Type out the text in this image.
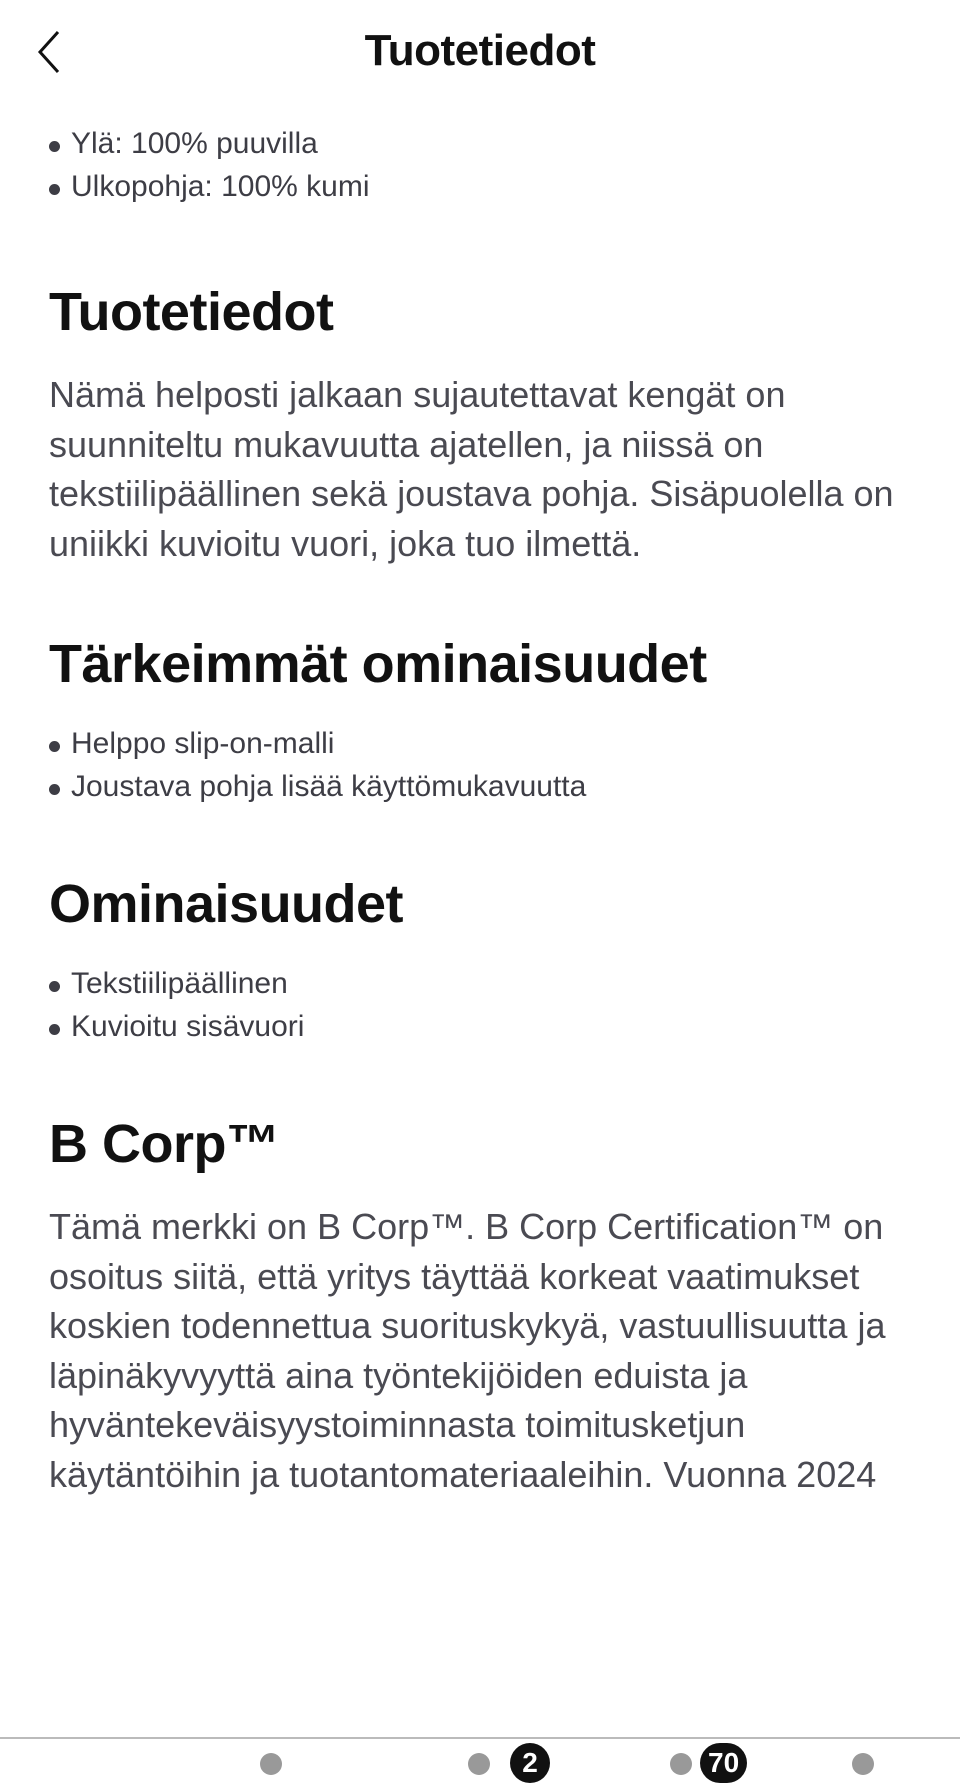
Tuotetiedot
Ylä: 100% puuvilla
Ulkopohja: 100% kumi
Tuotetiedot

Nämä helposti jalkaan sujautettavat kengät on suunniteltu mukavuutta ajatellen, ja niissä on tekstiilipäällinen sekä joustava pohja. Sisäpuolella on uniikki kuvioitu vuori, joka tuo ilmettä.

Tärkeimmät ominaisuudet
Helppo slip-on-malli
Joustava pohja lisää käyttömukavuutta
Ominaisuudet
Tekstiilipäällinen
Kuvioitu sisävuori
B Corp™

Tämä merkki on B Corp™. B Corp Certification™ on osoitus siitä, että yritys täyttää korkeat vaatimukset koskien todennettua suorituskykyä, vastuullisuutta ja läpinäkyvyyttä aina työntekijöiden eduista ja hyväntekeväisyystoiminnasta toimitusketjun käytäntöihin ja tuotantomateriaaleihin. Vuonna 2024

2	70
